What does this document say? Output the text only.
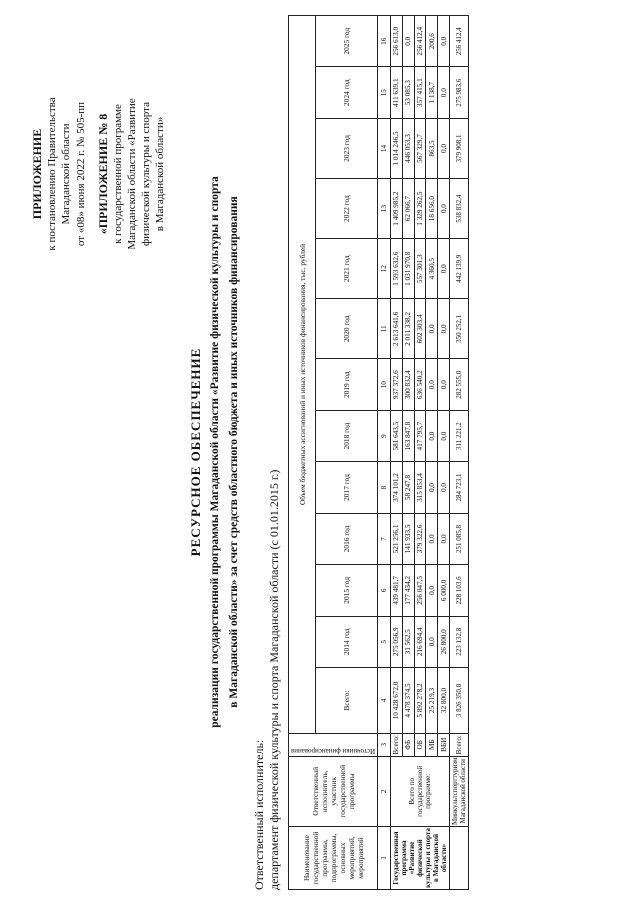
ПРИЛОЖЕНИЕ к постановлению Правительства Магаданской области от «08» июня 2022 г. № 505-пп «ПРИЛОЖЕНИЕ № 8 к государственной программе Магаданской области «Развитие физической культуры и спорта в Магаданской области»
РЕСУРСНОЕ ОБЕСПЕЧЕНИЕ реализации государственной программы Магаданской области «Развитие физической культуры и спорта в Магаданской области» за счет средств областного бюджета и иных источников финансирования
Ответственный исполнитель: департамент физической культуры и спорта Магаданской области (с 01.01.2015 г.)	Наименование государственной программы, подпрограммы, основных мероприятий, мероприятий	Ответственный исполнитель, участник государственной программы	Источники финансирования	Объем бюджетных ассигнований и иных источников финансирования, тыс. рублей												
			Всего:	2014 год	2015 год	2016 год	2017 год	2018 год	2019 год	2020 год	2021 год	2022 год	2023 год	2024 год	2025 год
1	2	3	4	5	6	7	8	9	10	11	12	13	14	15	16
Государственная программа «Развитие физической культуры и спорта в Магаданской области»	Всего по государственной программе:	Всего:	10 428 672,0	275 056,9	439 481,7	521 256,1	374 101,2	581 643,5	937 372,6	2 613 641,6	1 593 632,6	1 409 985,2	1 014 246,5	411 639,1	256 613,0
		ФБ	4 478 374,5	31 562,5	177 434,2	141 933,5	58 247,8	163 847,8	300 832,4	2 011 338,2	1 031 970,8	62 066,7	446 053,3	53 085,3	0,0
		ОБ	5 892 278,2	216 694,4	256 047,5	379 322,6	315 853,4	417 795,7	636 540,2	602 303,4	557 301,3	1 329 262,5	567 329,7	357 415,1	256 412,4
		МБ	25 219,3	0,0	0,0	0,0	0,0	0,0	0,0	0,0	4 360,5	18 656,0	863,5	1 138,7	200,6
		ВБИ	32 800,0	26 800,0	6 000,0	0,0	0,0	0,0	0,0	0,0	0,0	0,0	0,0	0,0	0,0
	Минкультспорттуризм Магаданской области	Всего:	3 826 350,0	223 132,8	228 103,6	251 085,8	284 723,1	311 221,2	282 555,0	350 252,1	442 139,9	538 832,4	379 908,1	275 983,6	256 412,4
